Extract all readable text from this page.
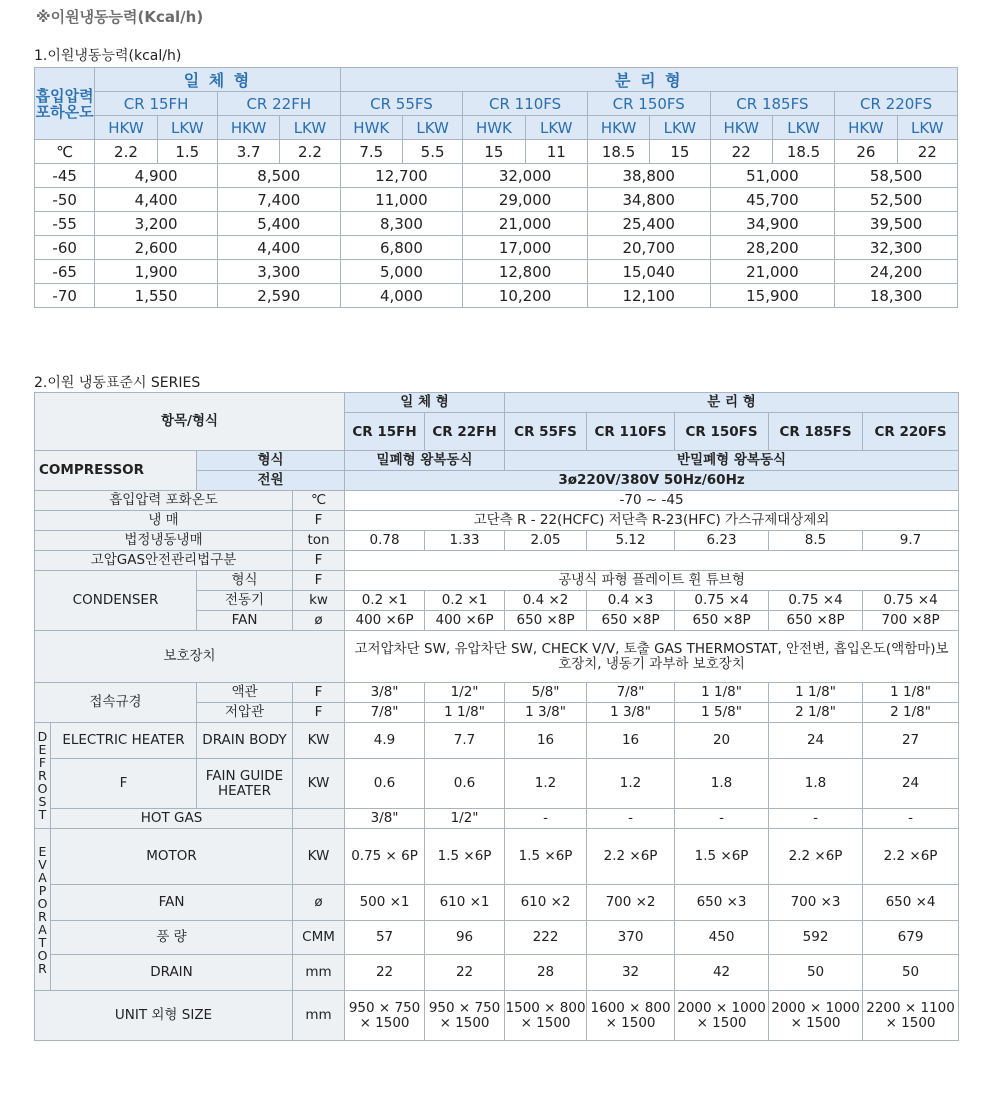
※이원냉동능력(Kcal/h)
1.이원냉동능력(kcal/h)
흡입압력포하온도	일 체 형				분 리 형									
	CR 15FH		CR 22FH		CR 55FS		CR 110FS		CR 150FS		CR 185FS		CR 220FS	
	HKW	LKW	HKW	LKW	HWK	LKW	HWK	LKW	HKW	LKW	HKW	LKW	HKW	LKW
℃	2.2	1.5	3.7	2.2	7.5	5.5	15	11	18.5	15	22	18.5	26	22
-45	4,900		8,500		12,700		32,000		38,800		51,000		58,500	
-50	4,400		7,400		11,000		29,000		34,800		45,700		52,500	
-55	3,200		5,400		8,300		21,000		25,400		34,900		39,500	
-60	2,600		4,400		6,800		17,000		20,700		28,200		32,300	
-65	1,900		3,300		5,000		12,800		15,040		21,000		24,200	
-70	1,550		2,590		4,000		10,200		12,100		15,900		18,300	
2.이원 냉동표준시 SERIES
항목/형식				일 체 형		분 리 형				
				CR 15FH	CR 22FH	CR 55FS	CR 110FS	CR 150FS	CR 185FS	CR 220FS
COMPRESSOR		형식		밀폐형 왕복동식		반밀폐형 왕복동식				
		전원		3ø220V/380V 50Hz/60Hz						
흡입압력 포화온도			℃	-70 ~ -45						
냉 매			F	고단측 R - 22(HCFC) 저단측 R-23(HFC) 가스규제대상제외						
법정냉동냉매			ton	0.78	1.33	2.05	5.12	6.23	8.5	9.7
고압GAS안전관리법구분			F							
CONDENSER		형식	F	공냉식 파형 플레이트 휜 튜브형						
		전동기	kw	0.2 ×1	0.2 ×1	0.4 ×2	0.4 ×3	0.75 ×4	0.75 ×4	0.75 ×4
		FAN	ø	400 ×6P	400 ×6P	650 ×8P	650 ×8P	650 ×8P	650 ×8P	700 ×8P
보호장치				고저압차단 SW, 유압차단 SW, CHECK V/V, 토출 GAS THERMOSTAT, 안전변, 흡입온도(액함마)보호장치, 냉동기 과부하 보호장치						
접속규경		액관	F	3/8"	1/2"	5/8"	7/8"	1 1/8"	1 1/8"	1 1/8"
		저압관	F	7/8"	1 1/8"	1 3/8"	1 3/8"	1 5/8"	2 1/8"	2 1/8"
DEFROST	ELECTRIC HEATER	DRAIN BODY	KW	4.9	7.7	16	16	20	24	27
	F	FAIN GUIDE HEATER	KW	0.6	0.6	1.2	1.2	1.8	1.8	24
	HOT GAS			3/8"	1/2"	-	-	-	-	-
EVAPORATOR	MOTOR		KW	0.75 × 6P	1.5 ×6P	1.5 ×6P	2.2 ×6P	1.5 ×6P	2.2 ×6P	2.2 ×6P
	FAN		ø	500 ×1	610 ×1	610 ×2	700 ×2	650 ×3	700 ×3	650 ×4
	풍 량		CMM	57	96	222	370	450	592	679
	DRAIN		mm	22	22	28	32	42	50	50
UNIT 외형 SIZE			mm	950 × 750 × 1500	950 × 750 × 1500	1500 × 800 × 1500	1600 × 800 × 1500	2000 × 1000 × 1500	2000 × 1000 × 1500	2200 × 1100 × 1500
